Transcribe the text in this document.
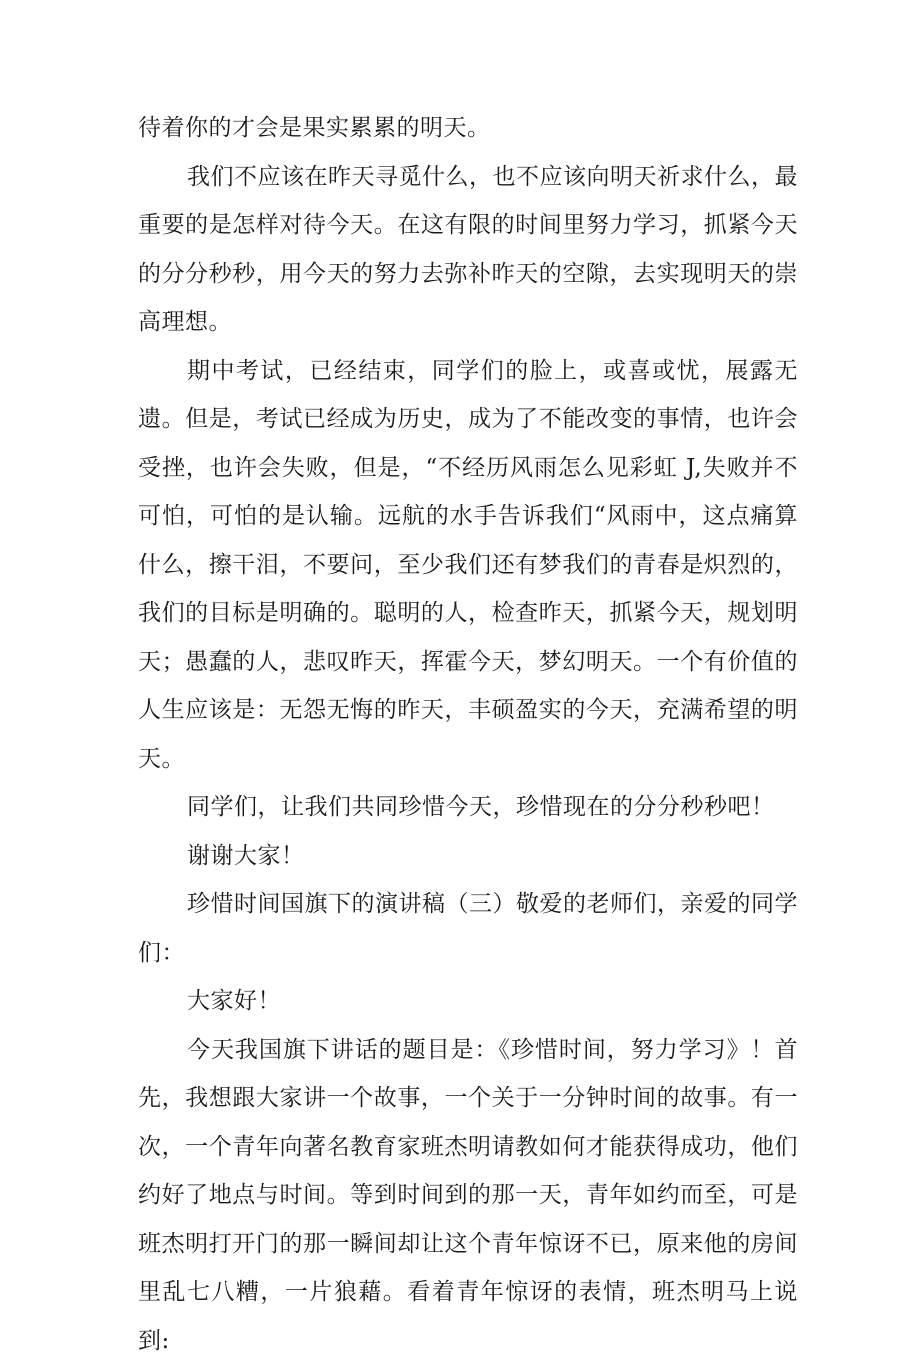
待着你的才会是果实累累的明天。

我们不应该在昨天寻觅什么，也不应该向明天祈求什么，最重要的是怎样对待今天。在这有限的时间里努力学习，抓紧今天的分分秒秒，用今天的努力去弥补昨天的空隙，去实现明天的崇高理想。

期中考试，已经结束，同学们的脸上，或喜或忧，展露无遗。但是，考试已经成为历史，成为了不能改变的事情，也许会受挫，也许会失败，但是，“不经历风雨怎么见彩虹 J,失败并不可怕，可怕的是认输。远航的水手告诉我们“风雨中，这点痛算什么，擦干泪，不要问，至少我们还有梦我们的青春是炽烈的，我们的目标是明确的。聪明的人，检查昨天，抓紧今天，规划明天；愚蠢的人，悲叹昨天，挥霍今天，梦幻明天。一个有价值的人生应该是：无怨无悔的昨天，丰硕盈实的今天，充满希望的明天。

同学们，让我们共同珍惜今天，珍惜现在的分分秒秒吧！

谢谢大家！

珍惜时间国旗下的演讲稿（三）敬爱的老师们，亲爱的同学们：

大家好！

今天我国旗下讲话的题目是：《珍惜时间，努力学习》！首先，我想跟大家讲一个故事，一个关于一分钟时间的故事。有一次，一个青年向著名教育家班杰明请教如何才能获得成功，他们约好了地点与时间。等到时间到的那一天，青年如约而至，可是班杰明打开门的那一瞬间却让这个青年惊讶不已，原来他的房间里乱七八糟，一片狼藉。看着青年惊讶的表情，班杰明马上说到:
